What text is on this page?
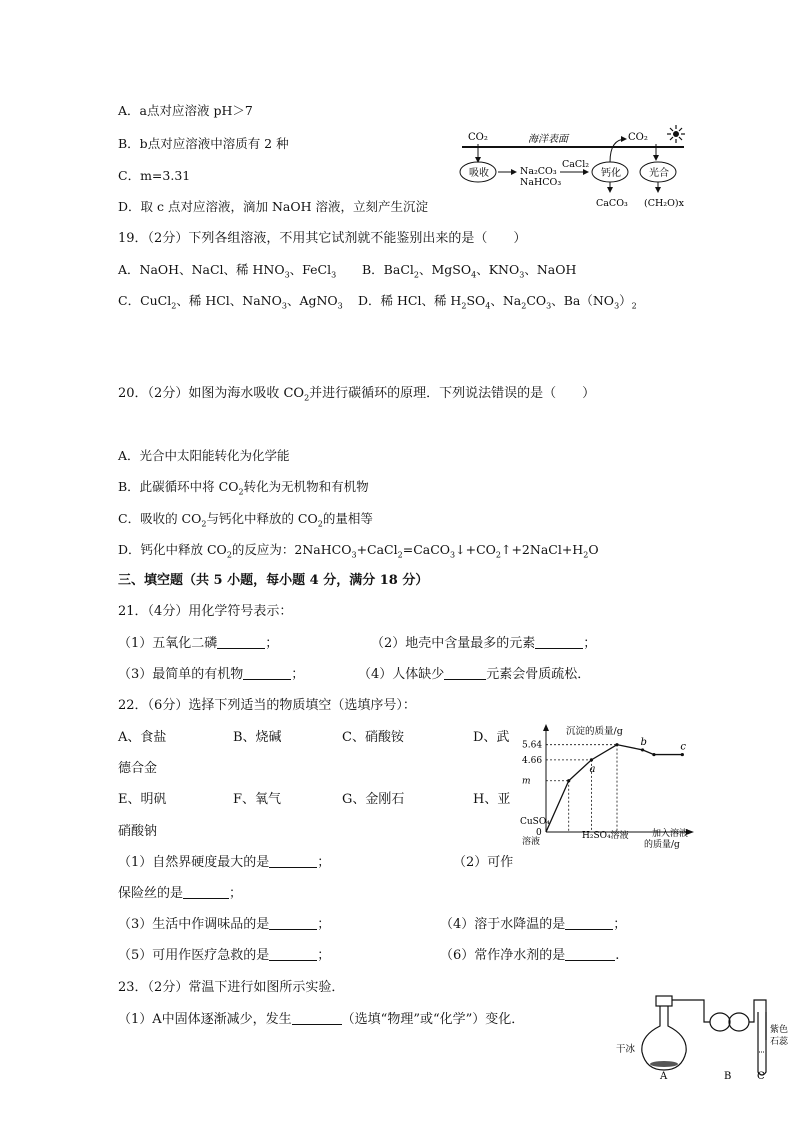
A．a点对应溶液 pH＞7
B．b点对应溶液中溶质有 2 种
C．m=3.31
D．取 c 点对应溶液，滴加 NaOH 溶液，立刻产生沉淀
CO₂	海洋表面	CO₂
吸收	Na₂CO₃
NaHCO₃
CaCl₂
钙化	光合
CaCO₃ (CH₂O)x
19．（2分）下列各组溶液，不用其它试剂就不能鉴别出来的是（　　）
A．NaOH、NaCl、稀 $HNO_3$、FeCl$_3$ B．BaCl$_2$、MgSO$_4$、$KNO_3$、NaOH
C．CuCl$_2$、稀 HCl、NaNO$_3$、AgNO$_3$ D．稀 HCl、稀 $H_2SO_4$、$Na_2CO_3$、$Ba(NO_3)_2$
20．（2分）如图为海水吸收 $CO_2$并进行碳循环的原理．下列说法错误的是（　　）
A．光合中太阳能转化为化学能
B．此碳循环中将 $CO_2$转化为无机物和有机物
C．吸收的 $CO_2$与钙化中释放的 $CO_2$的量相等
D．钙化中释放 $CO_2$的反应为：$2NaHCO_3+CaCl_2=CaCO_3↓+CO_2↑+2NaCl+H_2O$
三、填空题（共 5 小题，每小题 4 分，满分 18 分）
21．（4分）用化学符号表示：
（1）五氧化二磷	；	（2）地壳中含量最多的元素	；
（3）最简单的有机物	；	（4）人体缺少	元素会骨质疏松．
22．（6分）选择下列适当的物质填空（选填序号）：
A、食盐	B、烧碱	C、硝酸铵	D、武
德合金
E、明矾	F、氧气	G、金刚石	H、亚
硝酸钠
（1）自然界硬度最大的是	；	（2）可作
保险丝的是	；
（3）生活中作调味品的是	；	（4）溶于水降温的是	；
（5）可用作医疗急救的是	；	（6）常作净水剂的是	.
23．（2分）常温下进行如图所示实验．
（1）A中固体逐渐减少，发生	（选填“物理”或“化学”）变化．
沉淀的质量/g
5.64
4.66
m
0
a
b	c
CuSO₄
溶液
H₂SO₄溶液	加入溶液
的质量/g
干冰
紫色
石蕊
A	B	C
